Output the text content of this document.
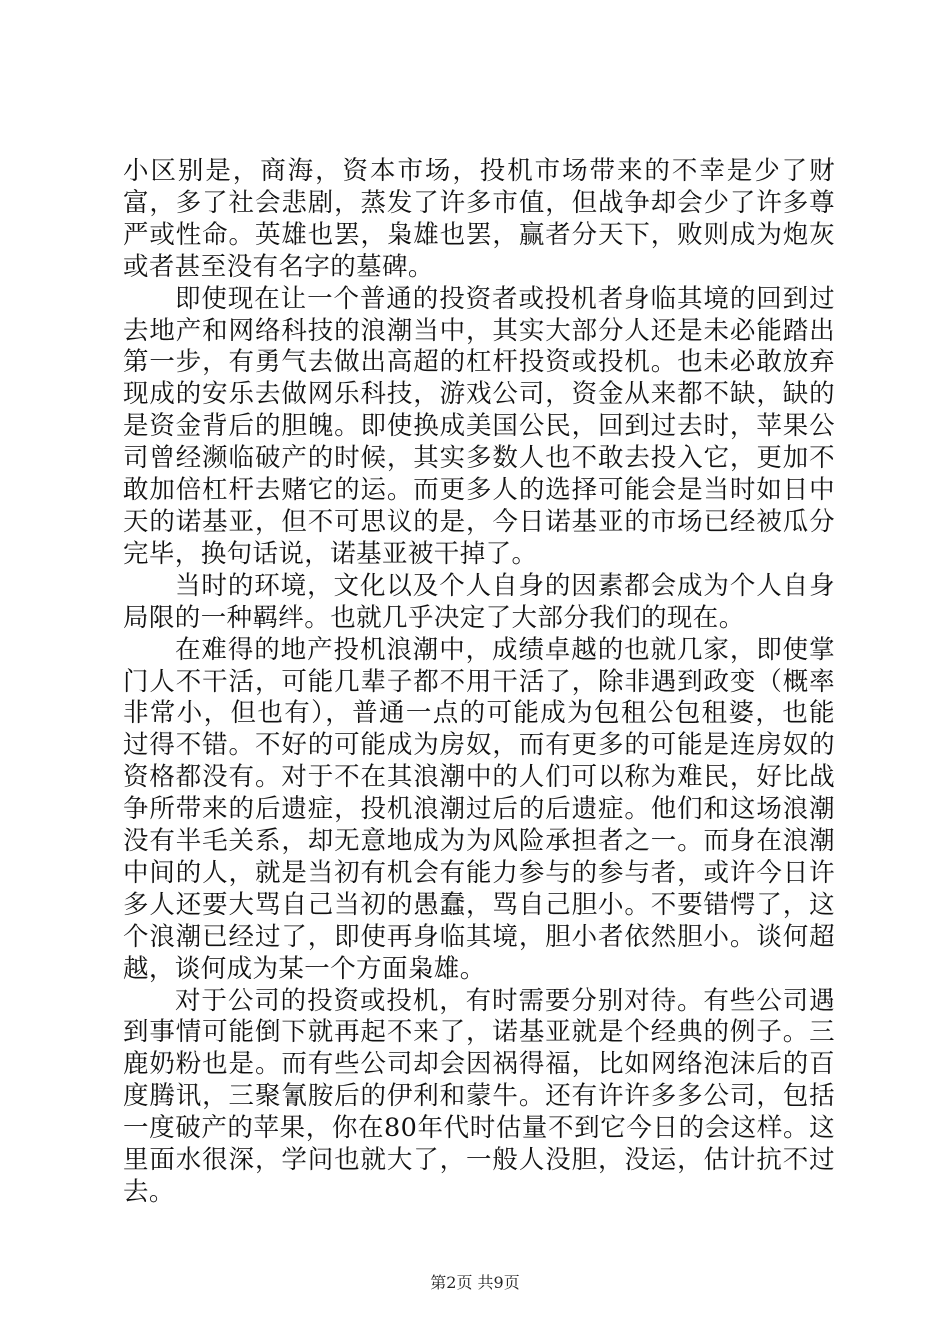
小区别是，商海，资本市场，投机市场带来的不幸是少了财富，多了社会悲剧，蒸发了许多市值，但战争却会少了许多尊严或性命。英雄也罢，枭雄也罢，赢者分天下，败则成为炮灰或者甚至没有名字的墓碑。

即使现在让一个普通的投资者或投机者身临其境的回到过去地产和网络科技的浪潮当中，其实大部分人还是未必能踏出第一步，有勇气去做出高超的杠杆投资或投机。也未必敢放弃现成的安乐去做网乐科技，游戏公司，资金从来都不缺，缺的是资金背后的胆魄。即使换成美国公民，回到过去时，苹果公司曾经濒临破产的时候，其实多数人也不敢去投入它，更加不敢加倍杠杆去赌它的运。而更多人的选择可能会是当时如日中天的诺基亚，但不可思议的是，今日诺基亚的市场已经被瓜分完毕，换句话说，诺基亚被干掉了。

当时的环境，文化以及个人自身的因素都会成为个人自身局限的一种羁绊。也就几乎决定了大部分我们的现在。

在难得的地产投机浪潮中，成绩卓越的也就几家，即使掌门人不干活，可能几辈子都不用干活了，除非遇到政变（概率非常小，但也有），普通一点的可能成为包租公包租婆，也能过得不错。不好的可能成为房奴，而有更多的可能是连房奴的资格都没有。对于不在其浪潮中的人们可以称为难民，好比战争所带来的后遗症，投机浪潮过后的后遗症。他们和这场浪潮没有半毛关系，却无意地成为为风险承担者之一。而身在浪潮中间的人，就是当初有机会有能力参与的参与者，或许今日许多人还要大骂自己当初的愚蠢，骂自己胆小。不要错愕了，这个浪潮已经过了，即使再身临其境，胆小者依然胆小。谈何超越，谈何成为某一个方面枭雄。

对于公司的投资或投机，有时需要分别对待。有些公司遇到事情可能倒下就再起不来了，诺基亚就是个经典的例子。三鹿奶粉也是。而有些公司却会因祸得福，比如网络泡沫后的百度腾讯，三聚氰胺后的伊利和蒙牛。还有许许多多公司，包括一度破产的苹果，你在80年代时估量不到它今日的会这样。这里面水很深，学问也就大了，一般人没胆，没运，估计抗不过去。

第2页 共9页
